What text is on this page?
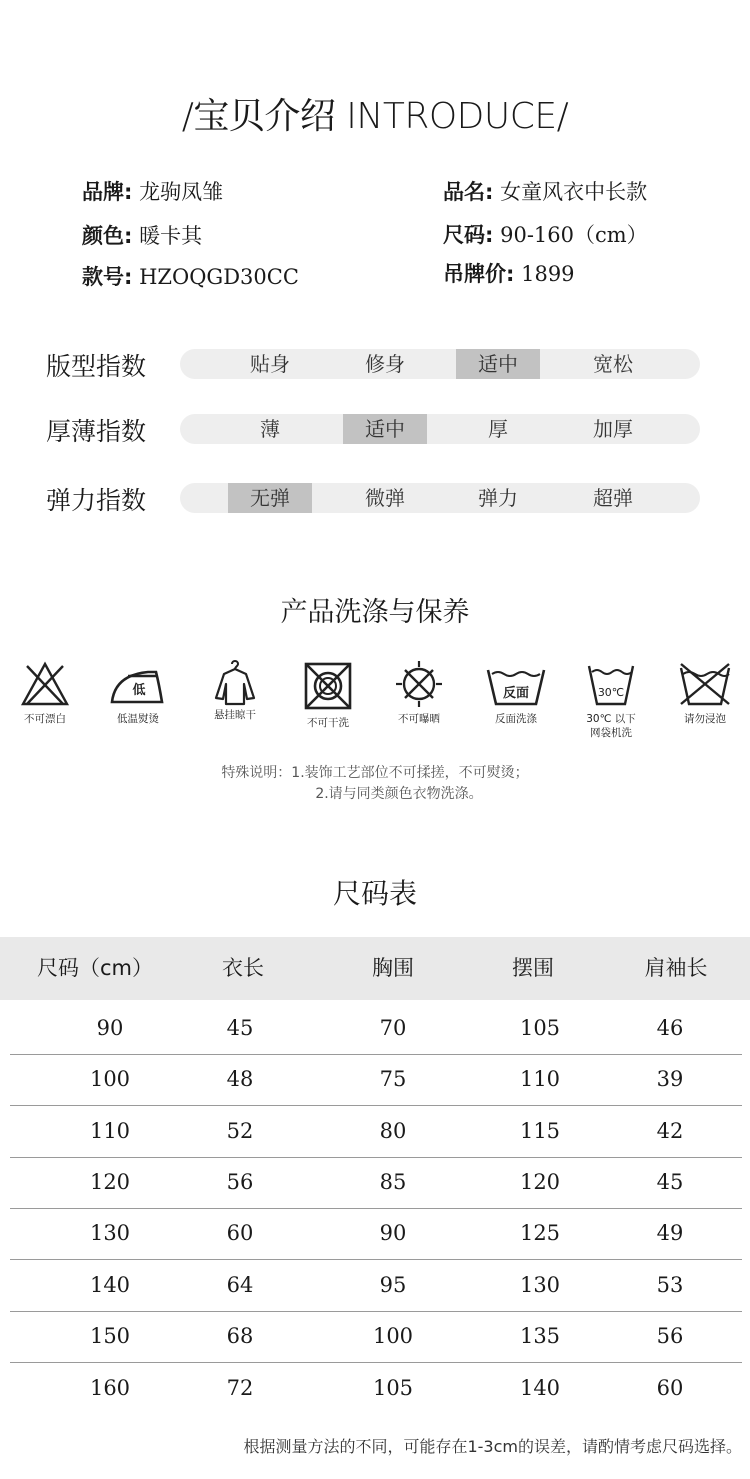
/宝贝介绍 INTRODUCE/
品牌: 龙驹凤雏	品名: 女童风衣中长款
颜色: 暖卡其	尺码: 90-160（cm）
款号: HZOQGD30CC	吊牌价: 1899
版型指数	贴身	修身	适中	宽松
厚薄指数	薄	适中	厚	加厚
弹力指数	无弹	微弹	弹力	超弹
产品洗涤与保养
不可漂白
低
低温熨烫	悬挂晾干
不可干洗	不可曝晒
反面
反面洗涤
30℃
30℃ 以下
网袋机洗
请勿浸泡
特殊说明：1.装饰工艺部位不可揉搓，不可熨烫；
2.请与同类颜色衣物洗涤。
尺码表
尺码（cm）	衣长	胸围	摆围	肩袖长
90	45	70	105	46
100	48	75	110	39
110	52	80	115	42
120	56	85	120	45
130	60	90	125	49
140	64	95	130	53
150	68	100	135	56
160	72	105	140	60
根据测量方法的不同，可能存在1-3cm的误差，请酌情考虑尺码选择。
